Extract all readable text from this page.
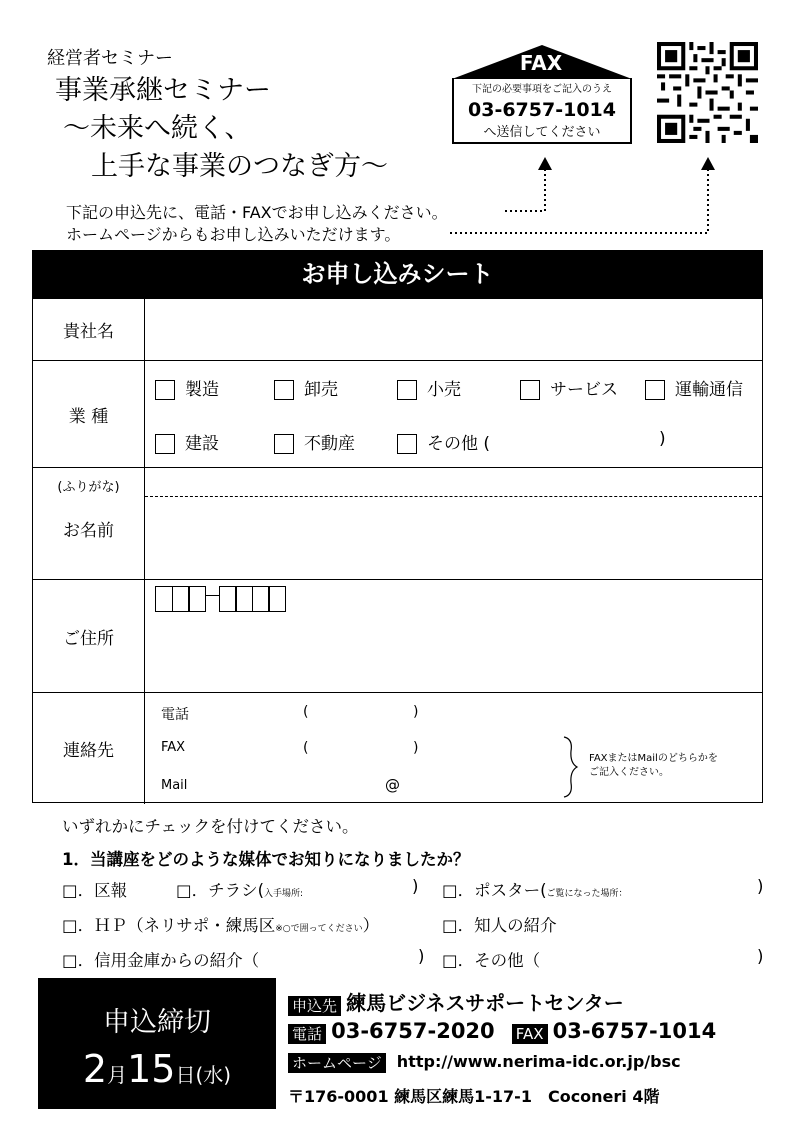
経営者セミナー
事業承継セミナー
～未来へ続く、
上手な事業のつなぎ方～
下記の申込先に、電話・FAXでお申し込みください。
ホームページからもお申し込みいただけます。
FAX
下記の必要事項をご記入のうえ
03-6757-1014
へ送信してください
お申し込みシート
貴社名
業 種
製造	卸売	小売	サービス	運輸通信
建設	不動産	その他 (	)
(ふりがな)
お名前
ご住所
連絡先
電話	(	)
FAX	(	)
Mail	@
FAXまたはMailのどちらかを
ご記入ください。
いずれかにチェックを付けてください。
1．当講座をどのような媒体でお知りになりましたか？
□．区報	□．チラシ(入手場所:	) □．ポスター(ご覧になった場所：	)
□．ＨＰ（ネリサポ・練馬区※○で囲ってください）	□．知人の紹介
□．信用金庫からの紹介（	) □．その他（	)
申込締切
2月15日(水)
申込先 練馬ビジネスサポートセンター
電話 03-6757-2020 FAX 03-6757-1014
ホームページ http://www.nerima-idc.or.jp/bsc
〒176-0001 練馬区練馬1-17-1　Coconeri 4階
